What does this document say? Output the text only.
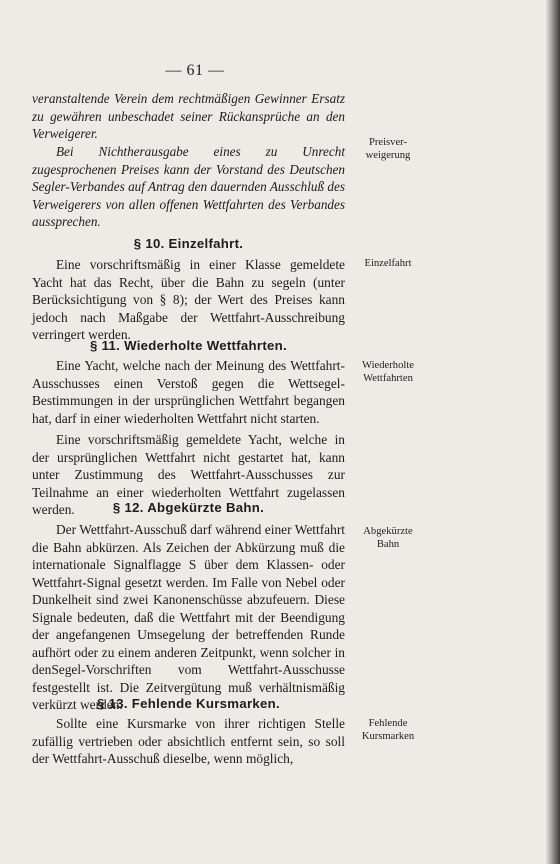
— 61 —

veranstaltende Verein dem rechtmäßigen Gewinner Ersatz zu gewähren unbeschadet seiner Rückansprüche an den Verweigerer.

Bei Nichtherausgabe eines zu Unrecht zugesprochenen Preises kann der Vorstand des Deutschen Segler-Verbandes auf Antrag den dauernden Ausschluß des Verweigerers von allen offenen Wettfahrten des Verbandes aussprechen.

§ 10. Einzelfahrt.

Eine vorschriftsmäßig in einer Klasse gemeldete Yacht hat das Recht, über die Bahn zu segeln (unter Berücksichtigung von § 8); der Wert des Preises kann jedoch nach Maßgabe der Wettfahrt-Ausschreibung verringert werden.

§ 11. Wiederholte Wettfahrten.

Eine Yacht, welche nach der Meinung des Wettfahrt-Ausschusses einen Verstoß gegen die Wettsegel-Bestimmungen in der ursprünglichen Wettfahrt begangen hat, darf in einer wiederholten Wettfahrt nicht starten.

Eine vorschriftsmäßig gemeldete Yacht, welche in der ursprünglichen Wettfahrt nicht gestartet hat, kann unter Zustimmung des Wettfahrt-Ausschusses zur Teilnahme an einer wiederholten Wettfahrt zugelassen werden.	§ 12. Abgekürzte Bahn.

Der Wettfahrt-Ausschuß darf während einer Wettfahrt die Bahn abkürzen. Als Zeichen der Abkürzung muß die internationale Signalflagge S über dem Klassen- oder Wettfahrt-Signal gesetzt werden. Im Falle von Nebel oder Dunkelheit sind zwei Kanonenschüsse abzufeuern. Diese Signale bedeuten, daß die Wettfahrt mit der Beendigung der angefangenen Umsegelung der betreffenden Runde aufhört oder zu einem anderen Zeitpunkt, wenn solcher in denSegel-Vorschriften vom Wettfahrt-Ausschusse festgestellt ist. Die Zeitvergütung muß verhältnismäßig verkürzt werden.

§ 13. Fehlende Kursmarken.

Sollte eine Kursmarke von ihrer richtigen Stelle zufällig vertrieben oder absichtlich entfernt sein, so soll der Wettfahrt-Ausschuß dieselbe, wenn möglich,

Preisver-weigerung
Einzelfahrt
Wiederholte Wettfahrten
Abgekürzte Bahn
Fehlende Kursmarken
